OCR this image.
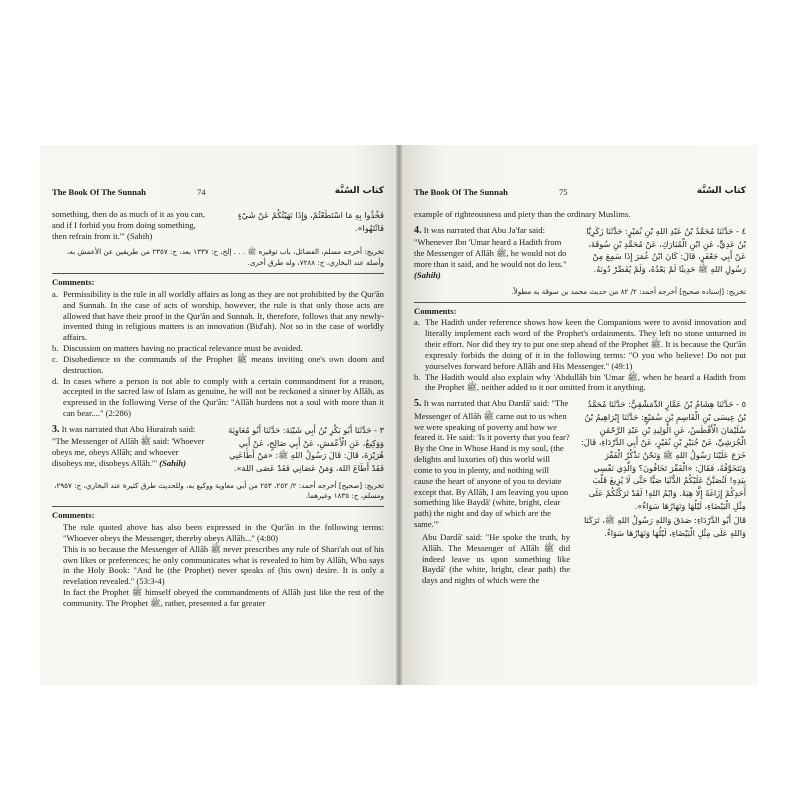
The Book Of The Sunnah	74	كتاب السُنَّة
something, then do as much of it as you can, and if I forbid you from doing something, then refrain from it.'" (Sahih)
فَخُذُوا بِهِ مَا اسْتَطَعْتُمْ، وَإِذَا نَهَيْتُكُمْ عَنْ شَيْءٍ فَانْتَهُوا».
تخريج: أخرجه مسلم، الفضائل، باب توقيره ﷺ . . . إلخ، ح: ١٣٣٧ بعد، ح: ٢٣٥٧ من طريقين عن الأعمش به، وأصله عند البخاري، ح: ٧٢٨٨، وله طرق أخرى.
Comments:
a. Permissibility is the rule in all worldly affairs as long as they are not prohibited by the Qur'ān and Sunnah. In the case of acts of worship, however, the rule is that only those acts are allowed that have their proof in the Qur'ān and Sunnah. It, therefore, follows that any newly-invented thing in religious matters is an innovation (Bid'ah). Not so in the case of worldly affairs.
b. Discussion on matters having no practical relevance must be avoided.
c. Disobedience to the commands of the Prophet ﷺ means inviting one's own doom and destruction.
d. In cases where a person is not able to comply with a certain commandment for a reason, accepted in the sacred law of Islam as genuine, he will not be reckoned a sinner by Allāh, as expressed in the following Verse of the Qur'ān: "Allāh burdens not a soul with more than it can bear...." (2:286)
3. It was narrated that Abu Hurairah said: "The Messenger of Allāh ﷺ said: 'Whoever obeys me, obeys Allāh; and whoever disobeys me, disobeys Allāh.'" (Sahih)
٣ - حَدَّثَنَا أَبُو بَكْرِ بْنُ أَبِي شَيْبَةَ: حَدَّثَنَا أَبُو مُعَاوِيَةَ وَوَكِيعٌ، عَنِ الْأَعْمَشِ، عَنْ أَبِي صَالِحٍ، عَنْ أَبِي هُرَيْرَةَ، قَالَ: قَالَ رَسُولُ اللهِ ﷺ: «مَنْ أَطَاعَنِي فَقَدْ أَطَاعَ اللهَ، وَمَنْ عَصَانِي فَقَدْ عَصَى اللهَ».
تخريج: [صحيح] أخرجه أحمد: ٢/ ٢٥٢، ٢٥٣ من أبي معاوية ووكيع به، وللحديث طرق كثيرة عند البخاري، ح: ٢٩٥٧، ومسلم، ح: ١٨٣٥ وغيرهما.
Comments:
The rule quoted above has also been expressed in the Qur'ān in the following terms: "Whoever obeys the Messenger, thereby obeys Allāh..." (4:80)
This is so because the Messenger of Allāh ﷺ never prescribes any rule of Shari'ah out of his own likes or preferences; he only communicates what is revealed to him by Allāh, Who says in the Holy Book: "And he (the Prophet) never speaks of (his own) desire. It is only a revelation revealed." (53:3-4)
In fact the Prophet ﷺ himself obeyed the commandments of Allāh just like the rest of the community. The Prophet ﷺ, rather, presented a far greater
The Book Of The Sunnah	75	كتاب السُنَّة
example of righteousness and piety than the ordinary Muslims.
4. It was narrated that Abu Ja'far said: "Whenever Ibn 'Umar heard a Hadith from the Messenger of Allāh ﷺ, he would not do more than it said, and he would not do less." (Sahih)
٤ - حَدَّثَنَا مُحَمَّدُ بْنُ عَبْدِ اللهِ بْنِ نُمَيْرٍ: حَدَّثَنَا زَكَرِيَّا بْنُ عَدِيٍّ، عَنِ ابْنِ الْمُبَارَكِ، عَنْ مُحَمَّدِ بْنِ سُوقَةَ، عَنْ أَبِي جَعْفَرٍ، قَالَ: كَانَ ابْنُ عُمَرَ إِذَا سَمِعَ مِنْ رَسُولِ اللهِ ﷺ حَدِيثًا لَمْ يَعْدُهُ، وَلَمْ يُقَصِّرْ دُونَهُ.
تخريج: [إسناده صحيح] أخرجه أحمد: ٢/ ٨٢ من حديث محمد بن سوقة به مطولاً.
Comments:
a. The Hadith under reference shows how keen the Companions were to avoid innovation and literally implement each word of the Prophet's ordainments. They left no stone unturned in their effort. Nor did they try to put one step ahead of the Prophet ﷺ. It is because the Qur'ān expressly forbids the doing of it in the following terms: "O you who believe! Do not put yourselves forward before Allāh and His Messenger." (49:1)
b. The Hadith would also explain why 'Abdullāh bin 'Umar ﷺ, when he heard a Hadith from the Prophet ﷺ, neither added to it nor omitted from it anything.
5. It was narrated that Abu Dardā' said: "The Messenger of Allāh ﷺ came out to us when we were speaking of poverty and how we feared it. He said: 'Is it poverty that you fear? By the One in Whose Hand is my soul, (the delights and luxuries of) this world will come to you in plenty, and nothing will cause the heart of anyone of you to deviate except that. By Allāh, I am leaving you upon something like Baydā' (white, bright, clear path) the night and day of which are the same.'"
Abu Dardā' said: "He spoke the truth, by Allāh. The Messenger of Allāh ﷺ did indeed leave us upon something like Baydā' (the white, bright, clear path) the days and nights of which were the
٥ - حَدَّثَنَا هِشَامُ بْنُ عَمَّارٍ الدِّمَشْقِيُّ: حَدَّثَنَا مُحَمَّدُ بْنُ عِيسَى بْنِ الْقَاسِمِ بْنِ سُمَيْعٍ: حَدَّثَنَا إِبْرَاهِيمُ بْنُ سُلَيْمَانَ الْأَفْطَسُ، عَنِ الْوَلِيدِ بْنِ عَبْدِ الرَّحْمَٰنِ الْجُرَشِيِّ، عَنْ جُبَيْرِ بْنِ نُفَيْرٍ، عَنْ أَبِي الدَّرْدَاءِ، قَالَ: خَرَجَ عَلَيْنَا رَسُولُ اللهِ ﷺ وَنَحْنُ نَذْكُرُ الْفَقْرَ وَنَتَخَوَّفُهُ، فَقَالَ: «الْفَقْرَ تَخَافُونَ؟ وَالَّذِي نَفْسِي بِيَدِهِ! لَتُصَبَّنَّ عَلَيْكُمُ الدُّنْيَا صَبًّا حَتَّى لَا يُزِيغَ قَلْبَ أَحَدِكُمْ إِزَاغَةً إِلَّا هِيَهْ. وَايْمُ اللهِ! لَقَدْ تَرَكْتُكُمْ عَلَى مِثْلِ الْبَيْضَاءِ، لَيْلُهَا وَنَهَارُهَا سَوَاءٌ».
قَالَ أَبُو الدَّرْدَاءِ: صَدَقَ وَاللهِ رَسُولُ اللهِ ﷺ، تَرَكَنَا وَاللهِ عَلَى مِثْلِ الْبَيْضَاءِ، لَيْلُهَا وَنَهَارُهَا سَوَاءٌ.
